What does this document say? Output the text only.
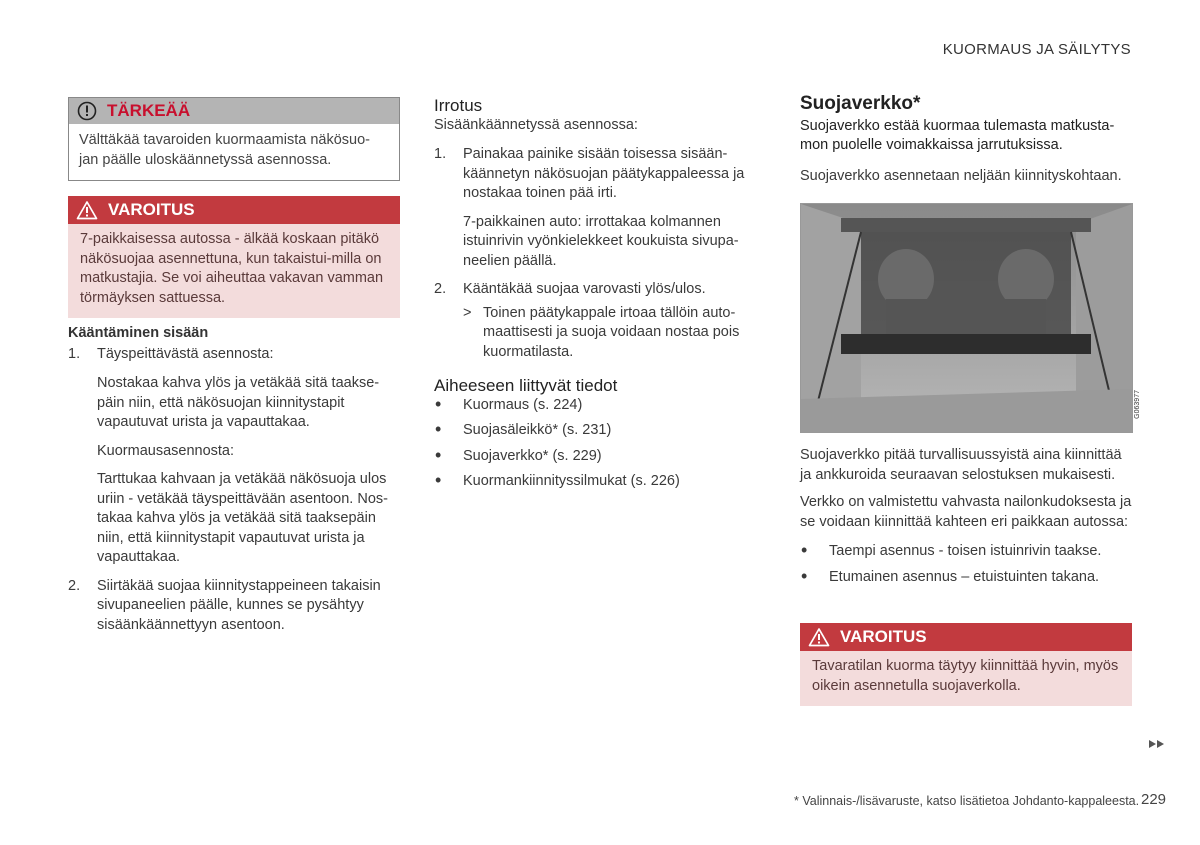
KUORMAUS JA SÄILYTYS
TÄRKEÄÄ
Välttäkää tavaroiden kuormaamista näkösuo-jan päälle uloskäännetyssä asennossa.
VAROITUS
7-paikkaisessa autossa - älkää koskaan pitäkö näkösuojaa asennettuna, kun takaistui-milla on matkustajia. Se voi aiheuttaa vakavan vamman törmäyksen sattuessa.
Kääntäminen sisään
1. Täyspeittävästä asennosta:
Nostakaa kahva ylös ja vetäkää sitä taakse-päin niin, että näkösuojan kiinnitystapit vapautuvat urista ja vapauttakaa.
Kuormausasennosta:
Tarttukaa kahvaan ja vetäkää näkösuoja ulos uriin - vetäkää täyspeittävään asentoon. Nos-takaa kahva ylös ja vetäkää sitä taaksepäin niin, että kiinnitystapit vapautuvat urista ja vapauttakaa.
2. Siirtäkää suojaa kiinnitystappeineen takaisin sivupaneelien päälle, kunnes se pysähtyy sisäänkäännettyyn asentoon.
Irrotus
Sisäänkäännetyssä asennossa:
1. Painakaa painike sisään toisessa sisään-käännetyn näkösuojan päätykappaleessa ja nostakaa toinen pää irti.
7-paikkainen auto: irrottakaa kolmannen istuinrivin vyönkielekkeet koukuista sivupa-neelien päällä.
2. Kääntäkää suojaa varovasti ylös/ulos.
> Toinen päätykappale irtoaa tällöin auto-maattisesti ja suoja voidaan nostaa pois kuormatilasta.
Aiheeseen liittyvät tiedot
• Kuormaus (s. 224)
• Suojasäleikkö* (s. 231)
• Suojaverkko* (s. 229)
• Kuormankiinnityssilmukat (s. 226)
Suojaverkko*
Suojaverkko estää kuormaa tulemasta matkusta-mon puolelle voimakkaissa jarrutuksissa.
Suojaverkko asennetaan neljään kiinnityskohtaan.
G063977
Suojaverkko pitää turvallisuussyistä aina kiinnittää ja ankkuroida seuraavan selostuksen mukaisesti.
Verkko on valmistettu vahvasta nailonkudoksesta ja se voidaan kiinnittää kahteen eri paikkaan autossa:
• Taempi asennus - toisen istuinrivin taakse.
• Etumainen asennus – etuistuinten takana.
VAROITUS
Tavaratilan kuorma täytyy kiinnittää hyvin, myös oikein asennetulla suojaverkolla.
* Valinnais-/lisävaruste, katso lisätietoa Johdanto-kappaleesta. 229
